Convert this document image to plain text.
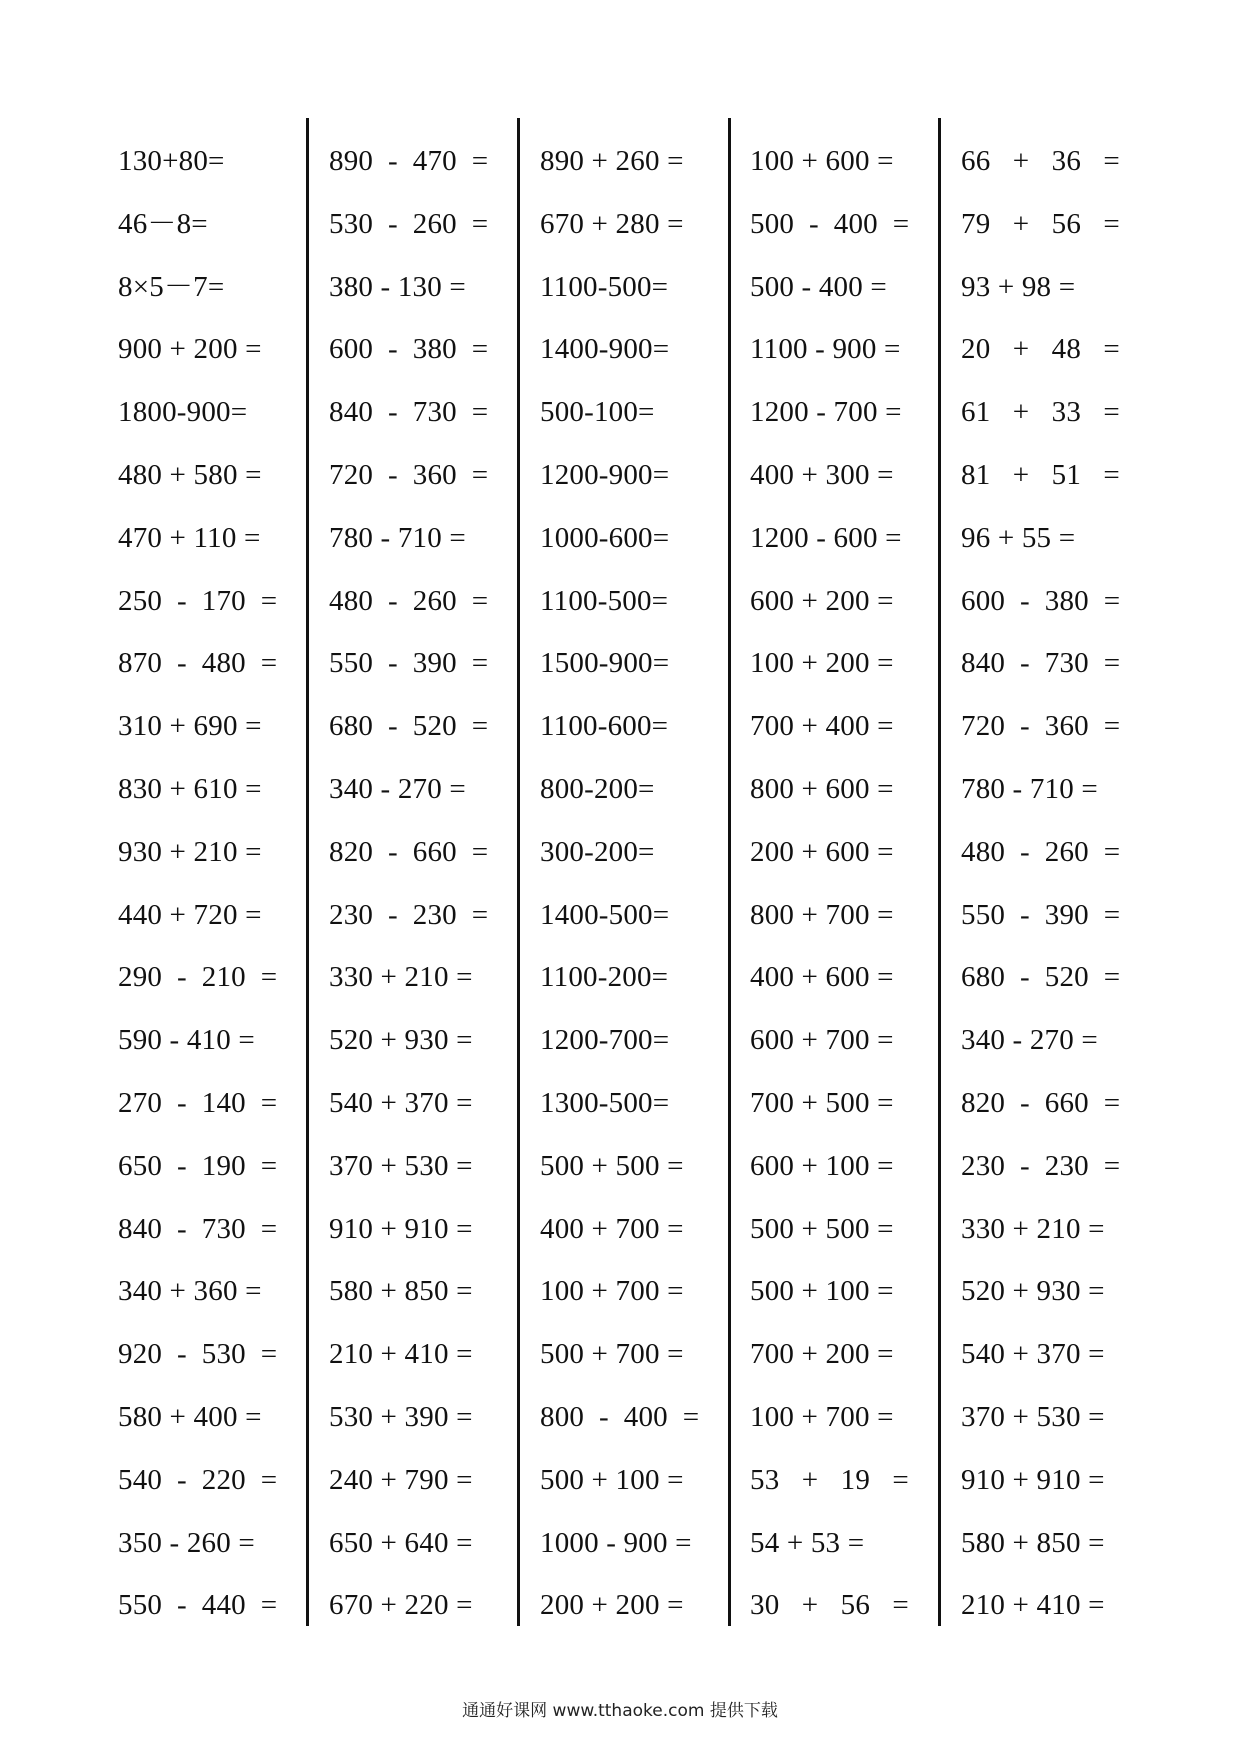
130+80=
46－8=
8×5－7=
900 + 200 =
1800-900=
480 + 580 =
470 + 110 =
250  -  170  =
870  -  480  =
310 + 690 =
830 + 610 =
930 + 210 =
440 + 720 =
290  -  210  =
590 - 410 =
270  -  140  =
650  -  190  =
840  -  730  =
340 + 360 =
920  -  530  =
580 + 400 =
540  -  220  =
350 - 260 =
550  -  440  =
890  -  470  =
530  -  260  =
380 - 130 =
600  -  380  =
840  -  730  =
720  -  360  =
780 - 710 =
480  -  260  =
550  -  390  =
680  -  520  =
340 - 270 =
820  -  660  =
230  -  230  =
330 + 210 =
520 + 930 =
540 + 370 =
370 + 530 =
910 + 910 =
580 + 850 =
210 + 410 =
530 + 390 =
240 + 790 =
650 + 640 =
670 + 220 =
890 + 260 =
670 + 280 =
1100-500=
1400-900=
500-100=
1200-900=
1000-600=
1100-500=
1500-900=
1100-600=
800-200=
300-200=
1400-500=
1100-200=
1200-700=
1300-500=
500 + 500 =
400 + 700 =
100 + 700 =
500 + 700 =
800  -  400  =
500 + 100 =
1000 - 900 =
200 + 200 =
100 + 600 =
500  -  400  =
500 - 400 =
1100 - 900 =
1200 - 700 =
400 + 300 =
1200 - 600 =
600 + 200 =
100 + 200 =
700 + 400 =
800 + 600 =
200 + 600 =
800 + 700 =
400 + 600 =
600 + 700 =
700 + 500 =
600 + 100 =
500 + 500 =
500 + 100 =
700 + 200 =
100 + 700 =
53   +   19   =
54 + 53 =
30   +   56   =
66   +   36   =
79   +   56   =
93 + 98 =
20   +   48   =
61   +   33   =
81   +   51   =
96 + 55 =
600  -  380  =
840  -  730  =
720  -  360  =
780 - 710 =
480  -  260  =
550  -  390  =
680  -  520  =
340 - 270 =
820  -  660  =
230  -  230  =
330 + 210 =
520 + 930 =
540 + 370 =
370 + 530 =
910 + 910 =
580 + 850 =
210 + 410 =
通通好课网 www.tthaoke.com 提供下载
